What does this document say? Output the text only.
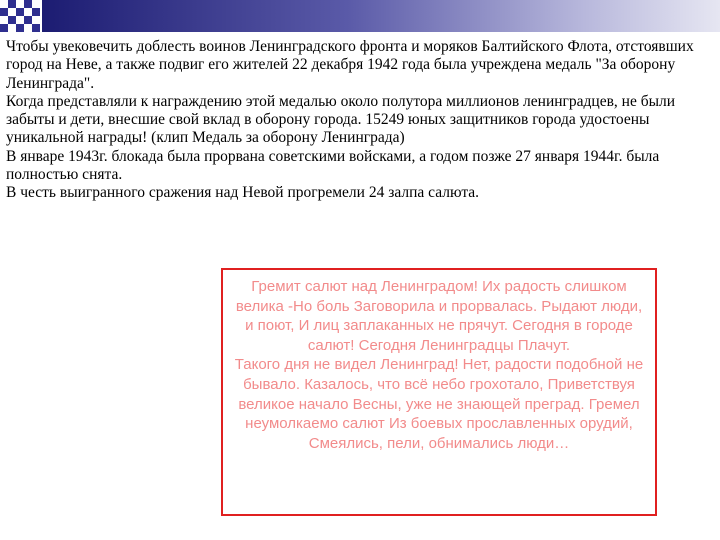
Чтобы увековечить доблесть воинов Ленинградского фронта и моряков Балтийского Флота, отстоявших город на Неве, а также подвиг его жителей 22 декабря 1942 года была учреждена медаль "За оборону Ленинграда".

Когда представляли к награждению этой медалью около полутора миллионов ленинградцев, не были забыты и дети, внесшие свой вклад в оборону города. 15249 юных защитников города удостоены уникальной награды! (клип Медаль за оборону Ленинграда)

В январе 1943г. блокада была прорвана советскими войсками, а годом позже 27 января 1944г. была полностью снята.

В честь выигранного сражения над Невой прогремели 24 залпа салюта.

Гремит салют над Ленинградом! Их радость слишком велика -Но боль Заговорила и прорвалась. Рыдают люди, и поют, И лиц заплаканных не прячут. Сегодня в городе салют! Сегодня Ленинградцы Плачут.

Такого дня не видел Ленинград! Нет, радости подобной не бывало. Казалось, что всё небо грохотало, Приветствуя великое начало Весны, уже не знающей преград. Гремел неумолкаемо салют Из боевых прославленных орудий, Смеялись, пели, обнимались люди…
